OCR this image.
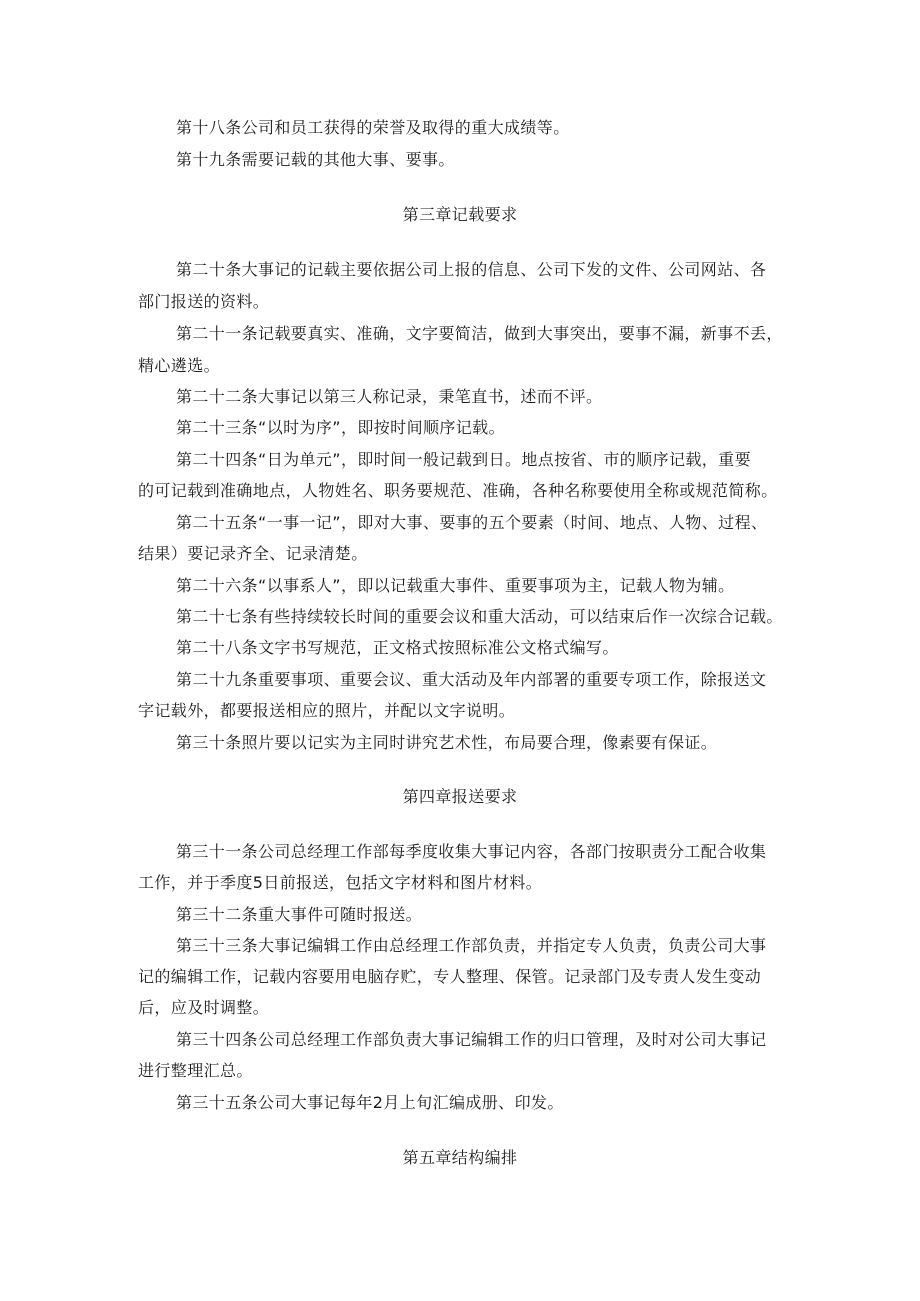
第十八条公司和员工获得的荣誉及取得的重大成绩等。
第十九条需要记载的其他大事、要事。
第三章记载要求
第二十条大事记的记载主要依据公司上报的信息、公司下发的文件、公司网站、各
部门报送的资料。
第二十一条记载要真实、准确，文字要简洁，做到大事突出，要事不漏，新事不丢，
精心遴选。
第二十二条大事记以第三人称记录，秉笔直书，述而不评。
第二十三条“以时为序”，即按时间顺序记载。
第二十四条“日为单元”，即时间一般记载到日。地点按省、市的顺序记载，重要
的可记载到准确地点，人物姓名、职务要规范、准确，各种名称要使用全称或规范简称。
第二十五条“一事一记”，即对大事、要事的五个要素（时间、地点、人物、过程、
结果）要记录齐全、记录清楚。
第二十六条“以事系人”，即以记载重大事件、重要事项为主，记载人物为辅。
第二十七条有些持续较长时间的重要会议和重大活动，可以结束后作一次综合记载。
第二十八条文字书写规范，正文格式按照标准公文格式编写。
第二十九条重要事项、重要会议、重大活动及年内部署的重要专项工作，除报送文
字记载外，都要报送相应的照片，并配以文字说明。
第三十条照片要以记实为主同时讲究艺术性，布局要合理，像素要有保证。
第四章报送要求
第三十一条公司总经理工作部每季度收集大事记内容，各部门按职责分工配合收集
工作，并于季度5日前报送，包括文字材料和图片材料。
第三十二条重大事件可随时报送。
第三十三条大事记编辑工作由总经理工作部负责，并指定专人负责，负责公司大事
记的编辑工作，记载内容要用电脑存贮，专人整理、保管。记录部门及专责人发生变动
后，应及时调整。
第三十四条公司总经理工作部负责大事记编辑工作的归口管理，及时对公司大事记
进行整理汇总。
第三十五条公司大事记每年2月上旬汇编成册、印发。
第五章结构编排
